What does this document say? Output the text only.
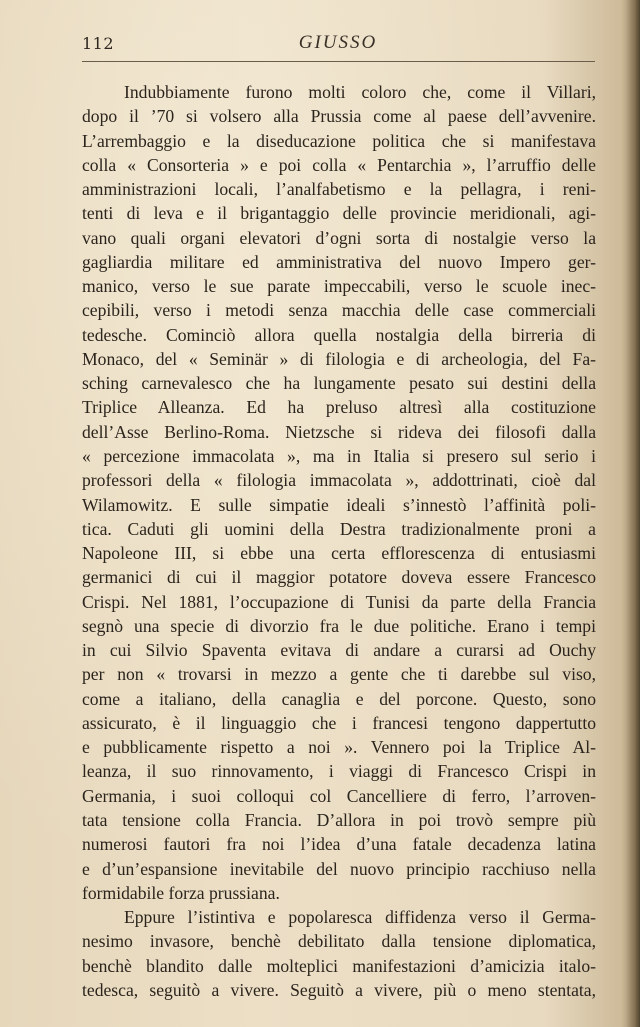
112	GIUSSO
Indubbiamente furono molti coloro che, come il Villari,
dopo il ’70 si volsero alla Prussia come al paese dell’avvenire.
L’arrembaggio e la diseducazione politica che si manifestava
colla « Consorteria » e poi colla « Pentarchia », l’arruffio delle
amministrazioni locali, l’analfabetismo e la pellagra, i reni-
tenti di leva e il brigantaggio delle provincie meridionali, agi-
vano quali organi elevatori d’ogni sorta di nostalgie verso la
gagliardia militare ed amministrativa del nuovo Impero ger-
manico, verso le sue parate impeccabili, verso le scuole inec-
cepibili, verso i metodi senza macchia delle case commerciali
tedesche. Cominciò allora quella nostalgia della birreria di
Monaco, del « Seminär » di filologia e di archeologia, del Fa-
sching carnevalesco che ha lungamente pesato sui destini della
Triplice Alleanza. Ed ha preluso altresì alla costituzione
dell’Asse Berlino-Roma. Nietzsche si rideva dei filosofi dalla
« percezione immacolata », ma in Italia si presero sul serio i
professori della « filologia immacolata », addottrinati, cioè dal
Wilamowitz. E sulle simpatie ideali s’innestò l’affinità poli-
tica. Caduti gli uomini della Destra tradizionalmente proni a
Napoleone III, si ebbe una certa efflorescenza di entusiasmi
germanici di cui il maggior potatore doveva essere Francesco
Crispi. Nel 1881, l’occupazione di Tunisi da parte della Francia
segnò una specie di divorzio fra le due politiche. Erano i tempi
in cui Silvio Spaventa evitava di andare a curarsi ad Ouchy
per non « trovarsi in mezzo a gente che ti darebbe sul viso,
come a italiano, della canaglia e del porcone. Questo, sono
assicurato, è il linguaggio che i francesi tengono dappertutto
e pubblicamente rispetto a noi ». Vennero poi la Triplice Al-
leanza, il suo rinnovamento, i viaggi di Francesco Crispi in
Germania, i suoi colloqui col Cancelliere di ferro, l’arroven-
tata tensione colla Francia. D’allora in poi trovò sempre più
numerosi fautori fra noi l’idea d’una fatale decadenza latina
e d’un’espansione inevitabile del nuovo principio racchiuso nella
formidabile forza prussiana.
Eppure l’istintiva e popolaresca diffidenza verso il Germa-
nesimo invasore, benchè debilitato dalla tensione diplomatica,
benchè blandito dalle molteplici manifestazioni d’amicizia italo-
tedesca, seguitò a vivere. Seguitò a vivere, più o meno stentata,
